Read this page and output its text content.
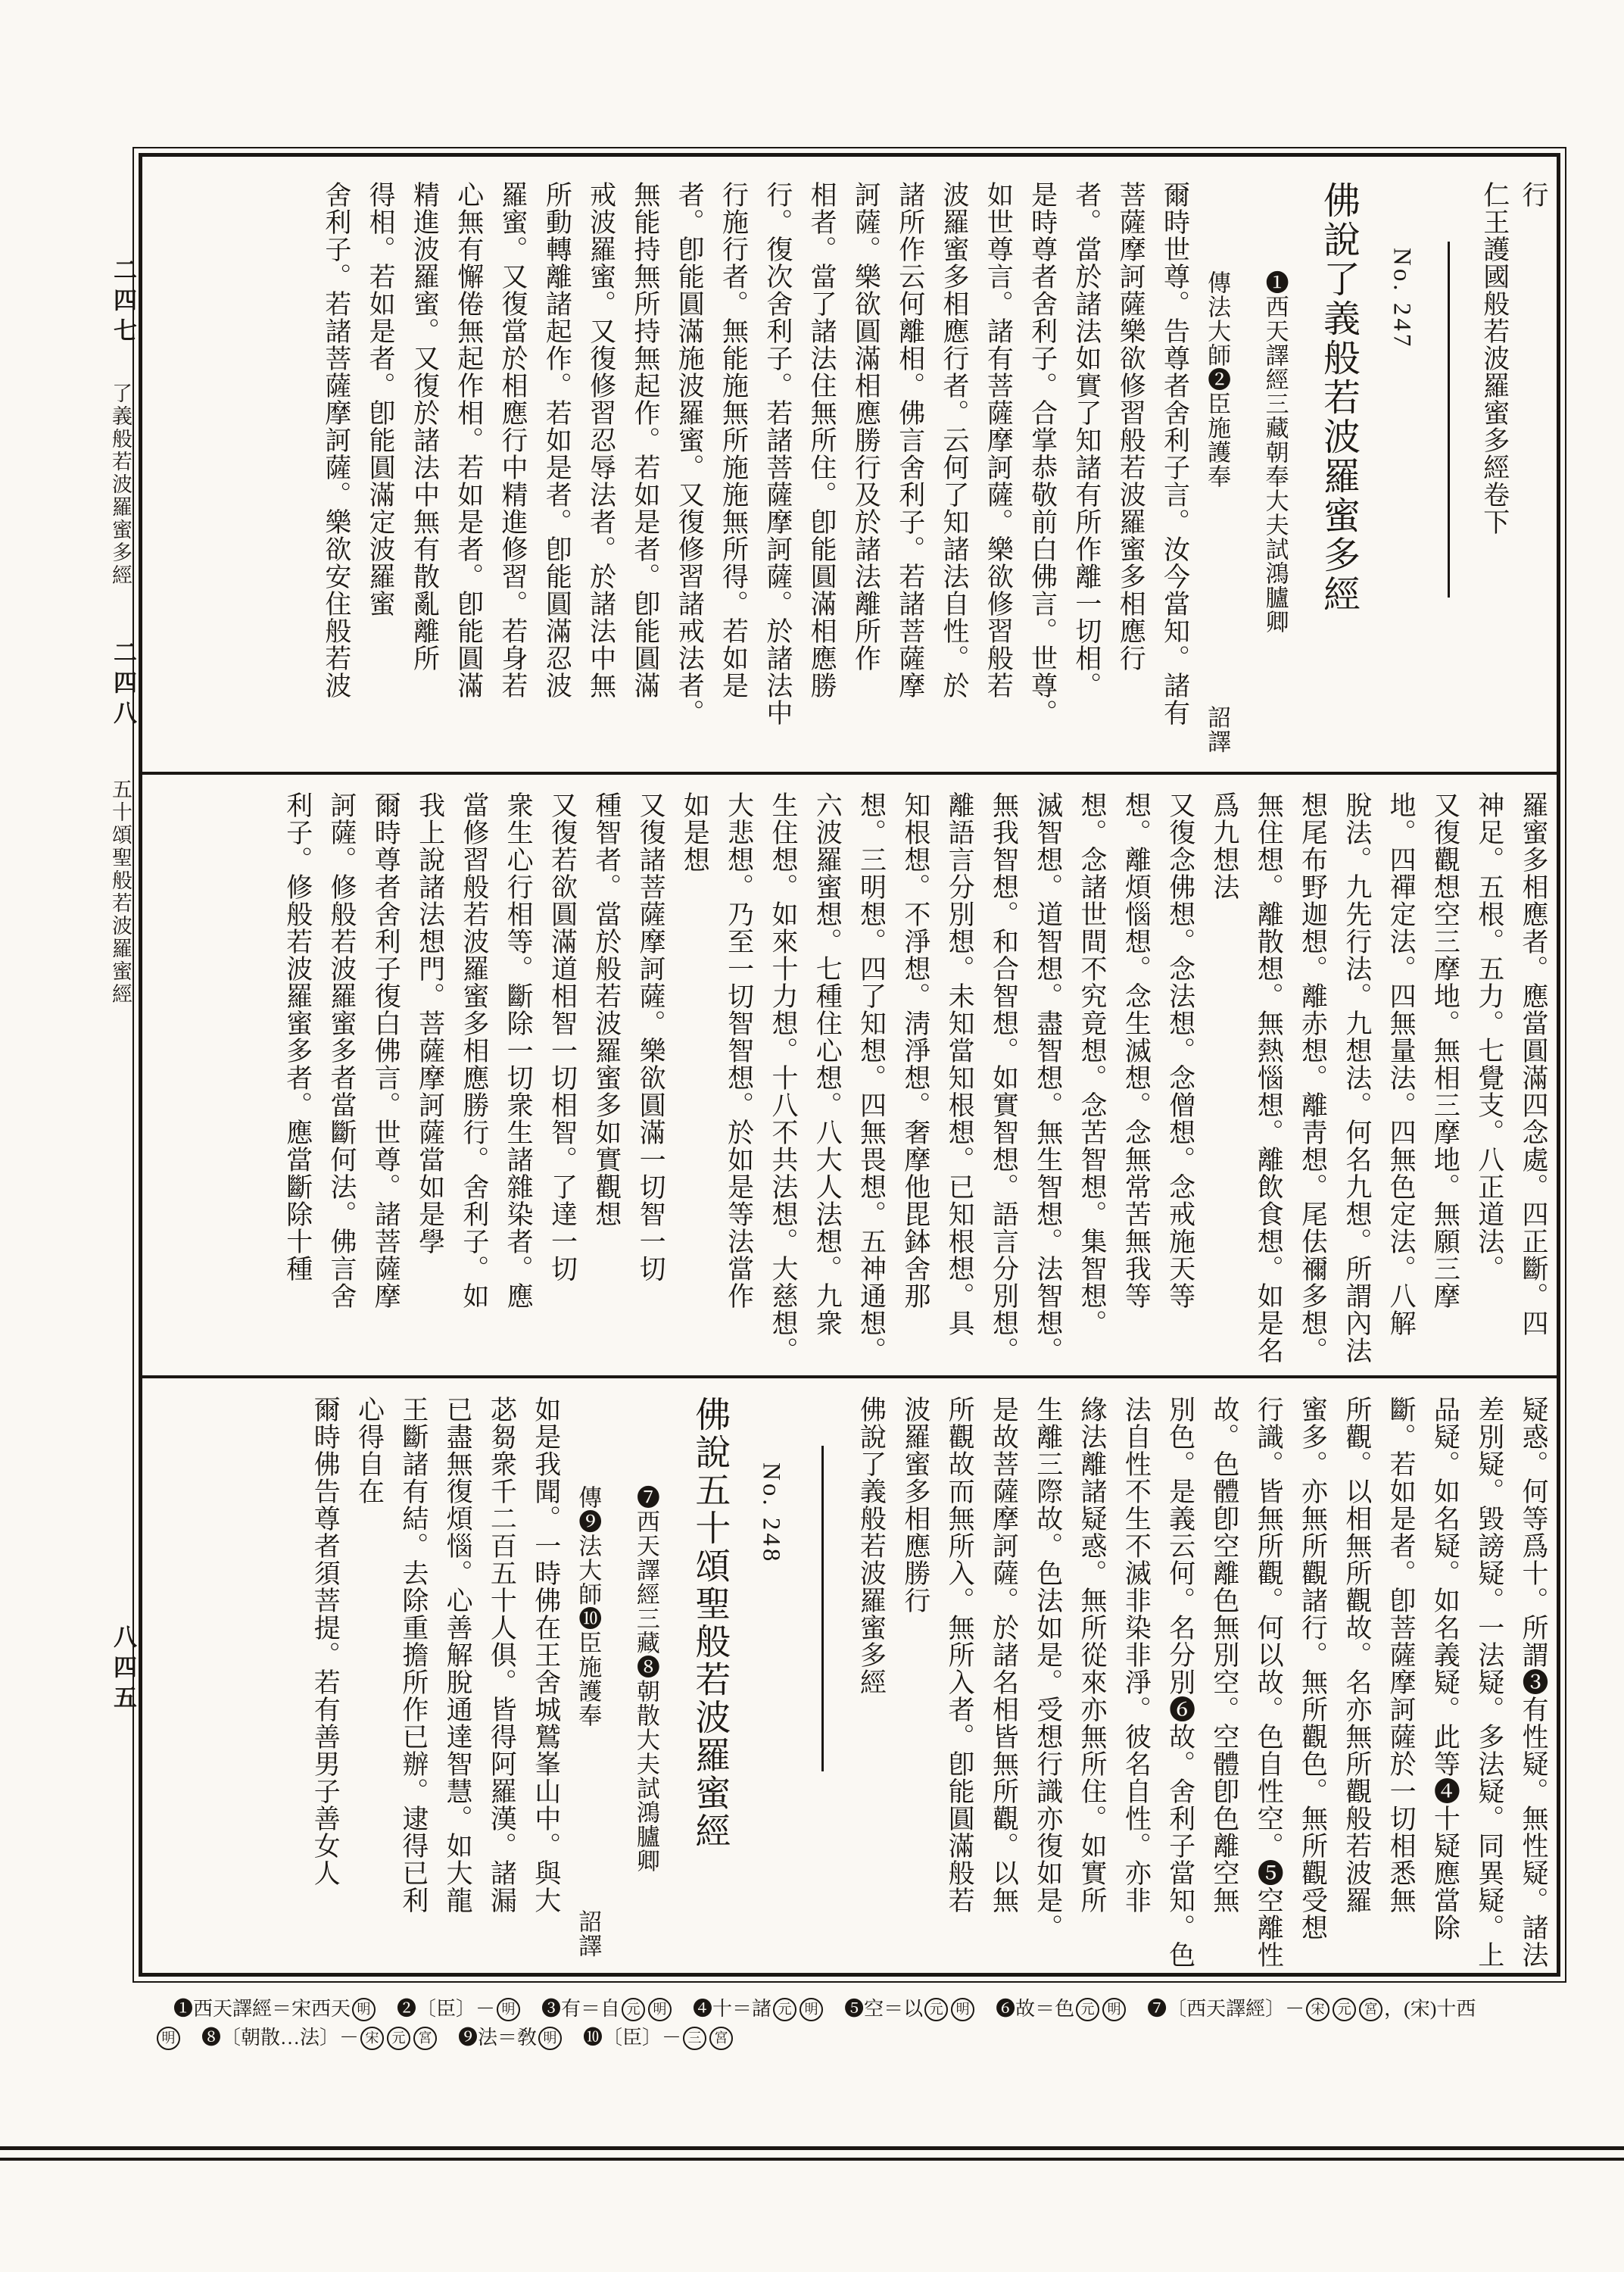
二四七
了義般若波羅蜜多經
二四八
五十頌聖般若波羅蜜經
八四五
行
仁王護國般若波羅蜜多經卷下
No. 247
佛說了義般若波羅蜜多經
❶西天譯經三藏朝奉大夫試鴻臚卿
傳法大師❷臣施護奉
詔譯
爾時世尊。告尊者舍利子言。汝今當知。諸有
菩薩摩訶薩樂欲修習般若波羅蜜多相應行
者。當於諸法如實了知諸有所作離一切相。
是時尊者舍利子。合掌恭敬前白佛言。世尊。
如世尊言。諸有菩薩摩訶薩。樂欲修習般若
波羅蜜多相應行者。云何了知諸法自性。於
諸所作云何離相。佛言舍利子。若諸菩薩摩
訶薩。樂欲圓滿相應勝行及於諸法離所作
相者。當了諸法住無所住。卽能圓滿相應勝
行。復次舍利子。若諸菩薩摩訶薩。於諸法中
行施行者。無能施無所施施無所得。若如是
者。卽能圓滿施波羅蜜。又復修習諸戒法者。
無能持無所持無起作。若如是者。卽能圓滿
戒波羅蜜。又復修習忍辱法者。於諸法中無
所動轉離諸起作。若如是者。卽能圓滿忍波
羅蜜。又復當於相應行中精進修習。若身若
心無有懈倦無起作相。若如是者。卽能圓滿
精進波羅蜜。又復於諸法中無有散亂離所
得相。若如是者。卽能圓滿定波羅蜜
舍利子。若諸菩薩摩訶薩。樂欲安住般若波
羅蜜多相應者。應當圓滿四念處。四正斷。四
神足。五根。五力。七覺支。八正道法。
又復觀想空三摩地。無相三摩地。無願三摩
地。四禪定法。四無量法。四無色定法。八解
脫法。九先行法。九想法。何名九想。所謂內法
想尾布野迦想。離赤想。離靑想。尾佉禰多想。
無住想。離散想。無熱惱想。離飲食想。如是名
爲九想法
又復念佛想。念法想。念僧想。念戒施天等
想。離煩惱想。念生滅想。念無常苦無我等
想。念諸世間不究竟想。念苦智想。集智想。
滅智想。道智想。盡智想。無生智想。法智想。
無我智想。和合智想。如實智想。語言分別想。
離語言分別想。未知當知根想。已知根想。具
知根想。不淨想。淸淨想。奢摩他毘鉢舍那
想。三明想。四了知想。四無畏想。五神通想。
六波羅蜜想。七種住心想。八大人法想。九衆
生住想。如來十力想。十八不共法想。大慈想。
大悲想。乃至一切智智想。於如是等法當作
如是想
又復諸菩薩摩訶薩。樂欲圓滿一切智一切
種智者。當於般若波羅蜜多如實觀想
又復若欲圓滿道相智一切相智。了達一切
衆生心行相等。斷除一切衆生諸雜染者。應
當修習般若波羅蜜多相應勝行。舍利子。如
我上說諸法想門。菩薩摩訶薩當如是學
爾時尊者舍利子復白佛言。世尊。諸菩薩摩
訶薩。修般若波羅蜜多者當斷何法。佛言舍
利子。修般若波羅蜜多者。應當斷除十種
疑惑。何等爲十。所謂❸有性疑。無性疑。諸法
差別疑。毀謗疑。一法疑。多法疑。同異疑。上
品疑。如名疑。如名義疑。此等❹十疑應當除
斷。若如是者。卽菩薩摩訶薩於一切相悉無
所觀。以相無所觀故。名亦無所觀般若波羅
蜜多。亦無所觀諸行。無所觀色。無所觀受想
行識。皆無所觀。何以故。色自性空。❺空離性
故。色體卽空離色無別空。空體卽色離空無
別色。是義云何。名分別❻故。舍利子當知。色
法自性不生不滅非染非淨。彼名自性。亦非
緣法離諸疑惑。無所從來亦無所住。如實所
生離三際故。色法如是。受想行識亦復如是。
是故菩薩摩訶薩。於諸名相皆無所觀。以無
所觀故而無所入。無所入者。卽能圓滿般若
波羅蜜多相應勝行
佛說了義般若波羅蜜多經
No. 248
佛說五十頌聖般若波羅蜜經
❼西天譯經三藏❽朝散大夫試鴻臚卿
傳❾法大師❿臣施護奉
詔譯
如是我聞。一時佛在王舍城鷲峯山中。與大
苾芻衆千二百五十人俱。皆得阿羅漢。諸漏
已盡無復煩惱。心善解脫通達智慧。如大龍
王斷諸有結。去除重擔所作已辦。逮得已利
心得自在
爾時佛告尊者須菩提。若有善男子善女人
❶西天譯經＝宋西天 明　❷〔臣〕－ 明　❸有＝自 元 明　❹十＝諸 元 明　❺空＝以 元 明　❻故＝色 元 明　❼〔西天譯經〕－ 宋 元 宮 ，(宋)十西
明　❽〔朝散…法〕－ 宋 元 宮　❾法＝敎 明　❿〔臣〕－ 三 宮
